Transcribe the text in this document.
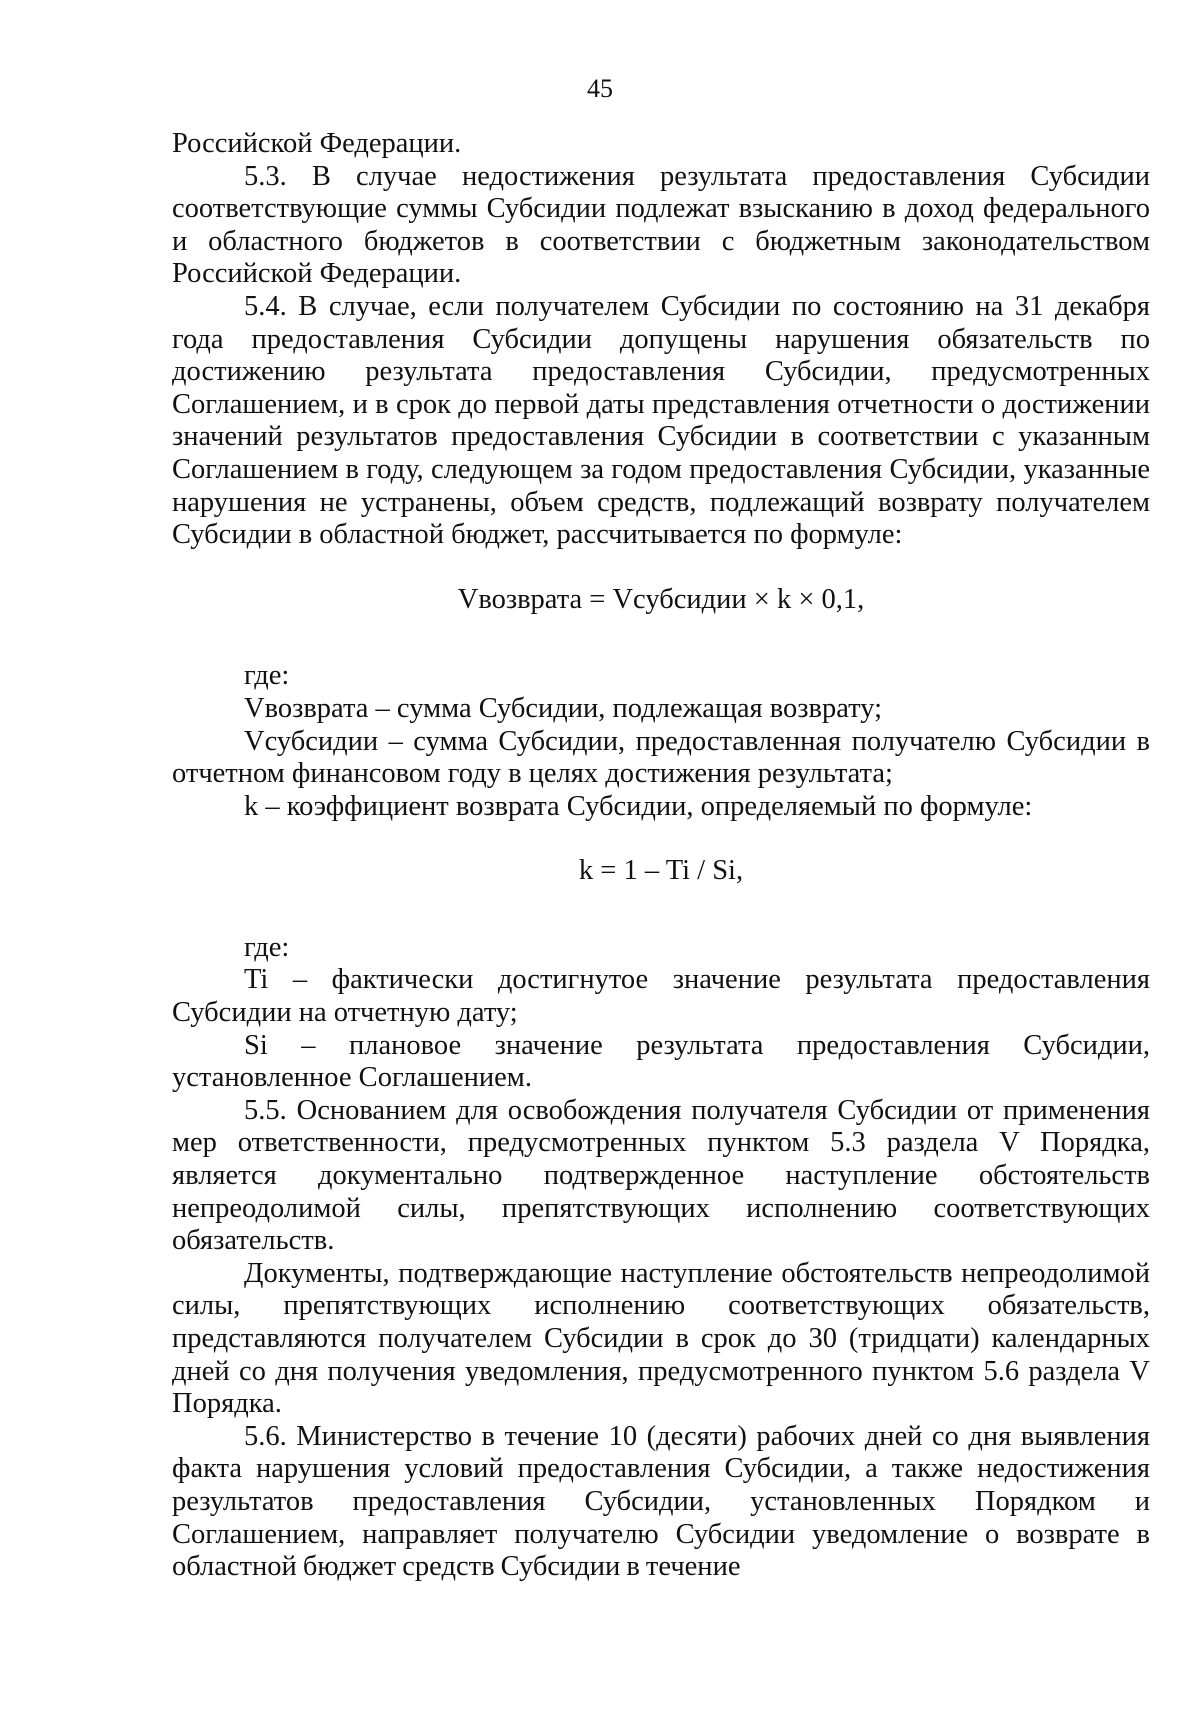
45

Российской Федерации.

5.3. В случае недостижения результата предоставления Субсидии соответствующие суммы Субсидии подлежат взысканию в доход федерального и областного бюджетов в соответствии с бюджетным законодательством Российской Федерации.

5.4. В случае, если получателем Субсидии по состоянию на 31 декабря года предоставления Субсидии допущены нарушения обязательств по достижению результата предоставления Субсидии, предусмотренных Соглашением, и в срок до первой даты представления отчетности о достижении значений результатов предоставления Субсидии в соответствии с указанным Соглашением в году, следующем за годом предоставления Субсидии, указанные нарушения не устранены, объем средств, подлежащий возврату получателем Субсидии в областной бюджет, рассчитывается по формуле:

Vвозврата = Vсубсидии × k × 0,1,

где:

Vвозврата – сумма Субсидии, подлежащая возврату;

Vсубсидии – сумма Субсидии, предоставленная получателю Субсидии в отчетном финансовом году в целях достижения результата;

k – коэффициент возврата Субсидии, определяемый по формуле:

k = 1 – Ti / Si,

где:

Ti – фактически достигнутое значение результата предоставления Субсидии на отчетную дату;

Si – плановое значение результата предоставления Субсидии, установленное Соглашением.

5.5. Основанием для освобождения получателя Субсидии от применения мер ответственности, предусмотренных пунктом 5.3 раздела V Порядка, является документально подтвержденное наступление обстоятельств непреодолимой силы, препятствующих исполнению соответствующих обязательств.

Документы, подтверждающие наступление обстоятельств непреодолимой силы, препятствующих исполнению соответствующих обязательств, представляются получателем Субсидии в срок до 30 (тридцати) календарных дней со дня получения уведомления, предусмотренного пунктом 5.6 раздела V Порядка.

5.6. Министерство в течение 10 (десяти) рабочих дней со дня выявления факта нарушения условий предоставления Субсидии, а также недостижения результатов предоставления Субсидии, установленных Порядком и Соглашением, направляет получателю Субсидии уведомление о возврате в областной бюджет средств Субсидии в течение
